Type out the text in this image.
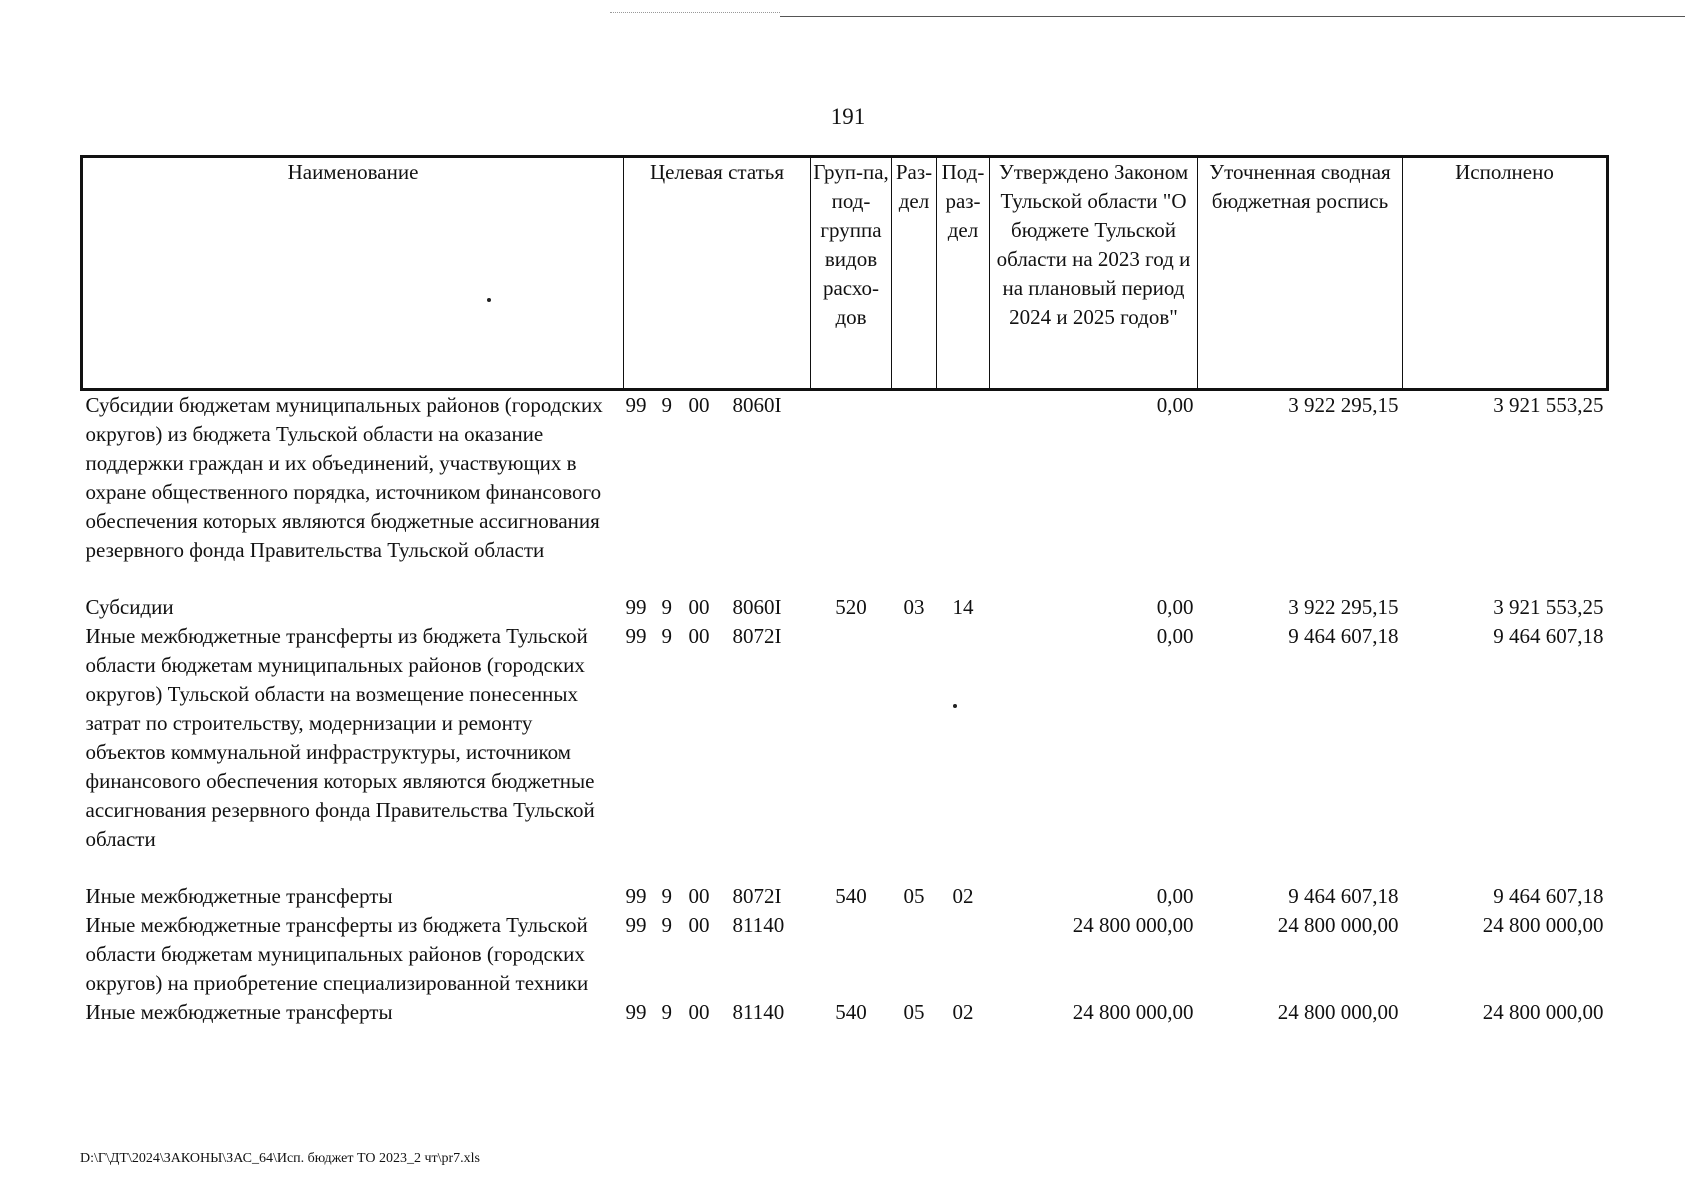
191
Наименование	Целевая статья	Груп-па, под-группа видов расхо-дов	Раз-дел	Под-раз-дел	Утверждено Законом Тульской области "О бюджете Тульской области на 2023 год и на плановый период 2024 и 2025 годов"	Уточненная сводная бюджетная роспись	Исполнено
Субсидии бюджетам муниципальных районов (городских округов) из бюджета Тульской области на оказание поддержки граждан и их объединений, участвующих в охране общественного порядка, источником финансового обеспечения которых являются бюджетные ассигнования резервного фонда Правительства Тульской области	99 9 00 8060I				0,00	3 922 295,15	3 921 553,25
Субсидии	99 9 00 8060I	520	03	14	0,00	3 922 295,15	3 921 553,25
Иные межбюджетные трансферты из бюджета Тульской области бюджетам муниципальных районов (городских округов) Тульской области на возмещение понесенных затрат по строительству, модернизации и ремонту объектов коммунальной инфраструктуры, источником финансового обеспечения которых являются бюджетные ассигнования резервного фонда Правительства Тульской области	99 9 00 8072I				0,00	9 464 607,18	9 464 607,18
Иные межбюджетные трансферты	99 9 00 8072I	540	05	02	0,00	9 464 607,18	9 464 607,18
Иные межбюджетные трансферты из бюджета Тульской области бюджетам муниципальных районов (городских округов) на приобретение специализированной техники	99 9 00 81140				24 800 000,00	24 800 000,00	24 800 000,00
Иные межбюджетные трансферты	99 9 00 81140	540	05	02	24 800 000,00	24 800 000,00	24 800 000,00
D:\Г\ДТ\2024\ЗАКОНЫ\ЗАС_64\Исп. бюджет ТО 2023_2 чт\pr7.xls
